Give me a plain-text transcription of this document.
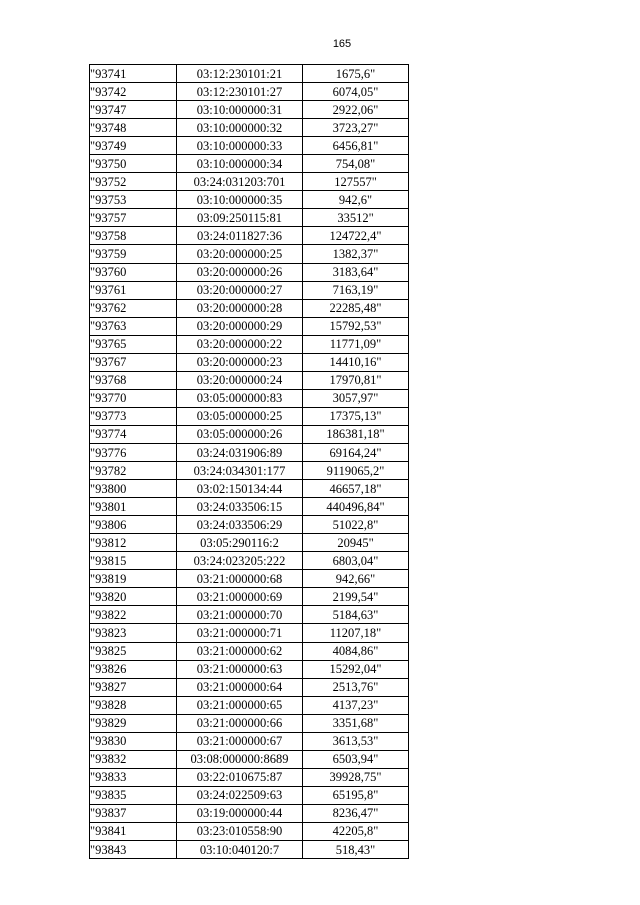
165
"93741	03:12:230101:21	1675,6"
"93742	03:12:230101:27	6074,05"
"93747	03:10:000000:31	2922,06"
"93748	03:10:000000:32	3723,27"
"93749	03:10:000000:33	6456,81"
"93750	03:10:000000:34	754,08"
"93752	03:24:031203:701	127557"
"93753	03:10:000000:35	942,6"
"93757	03:09:250115:81	33512"
"93758	03:24:011827:36	124722,4"
"93759	03:20:000000:25	1382,37"
"93760	03:20:000000:26	3183,64"
"93761	03:20:000000:27	7163,19"
"93762	03:20:000000:28	22285,48"
"93763	03:20:000000:29	15792,53"
"93765	03:20:000000:22	11771,09"
"93767	03:20:000000:23	14410,16"
"93768	03:20:000000:24	17970,81"
"93770	03:05:000000:83	3057,97"
"93773	03:05:000000:25	17375,13"
"93774	03:05:000000:26	186381,18"
"93776	03:24:031906:89	69164,24"
"93782	03:24:034301:177	9119065,2"
"93800	03:02:150134:44	46657,18"
"93801	03:24:033506:15	440496,84"
"93806	03:24:033506:29	51022,8"
"93812	03:05:290116:2	20945"
"93815	03:24:023205:222	6803,04"
"93819	03:21:000000:68	942,66"
"93820	03:21:000000:69	2199,54"
"93822	03:21:000000:70	5184,63"
"93823	03:21:000000:71	11207,18"
"93825	03:21:000000:62	4084,86"
"93826	03:21:000000:63	15292,04"
"93827	03:21:000000:64	2513,76"
"93828	03:21:000000:65	4137,23"
"93829	03:21:000000:66	3351,68"
"93830	03:21:000000:67	3613,53"
"93832	03:08:000000:8689	6503,94"
"93833	03:22:010675:87	39928,75"
"93835	03:24:022509:63	65195,8"
"93837	03:19:000000:44	8236,47"
"93841	03:23:010558:90	42205,8"
"93843	03:10:040120:7	518,43"
